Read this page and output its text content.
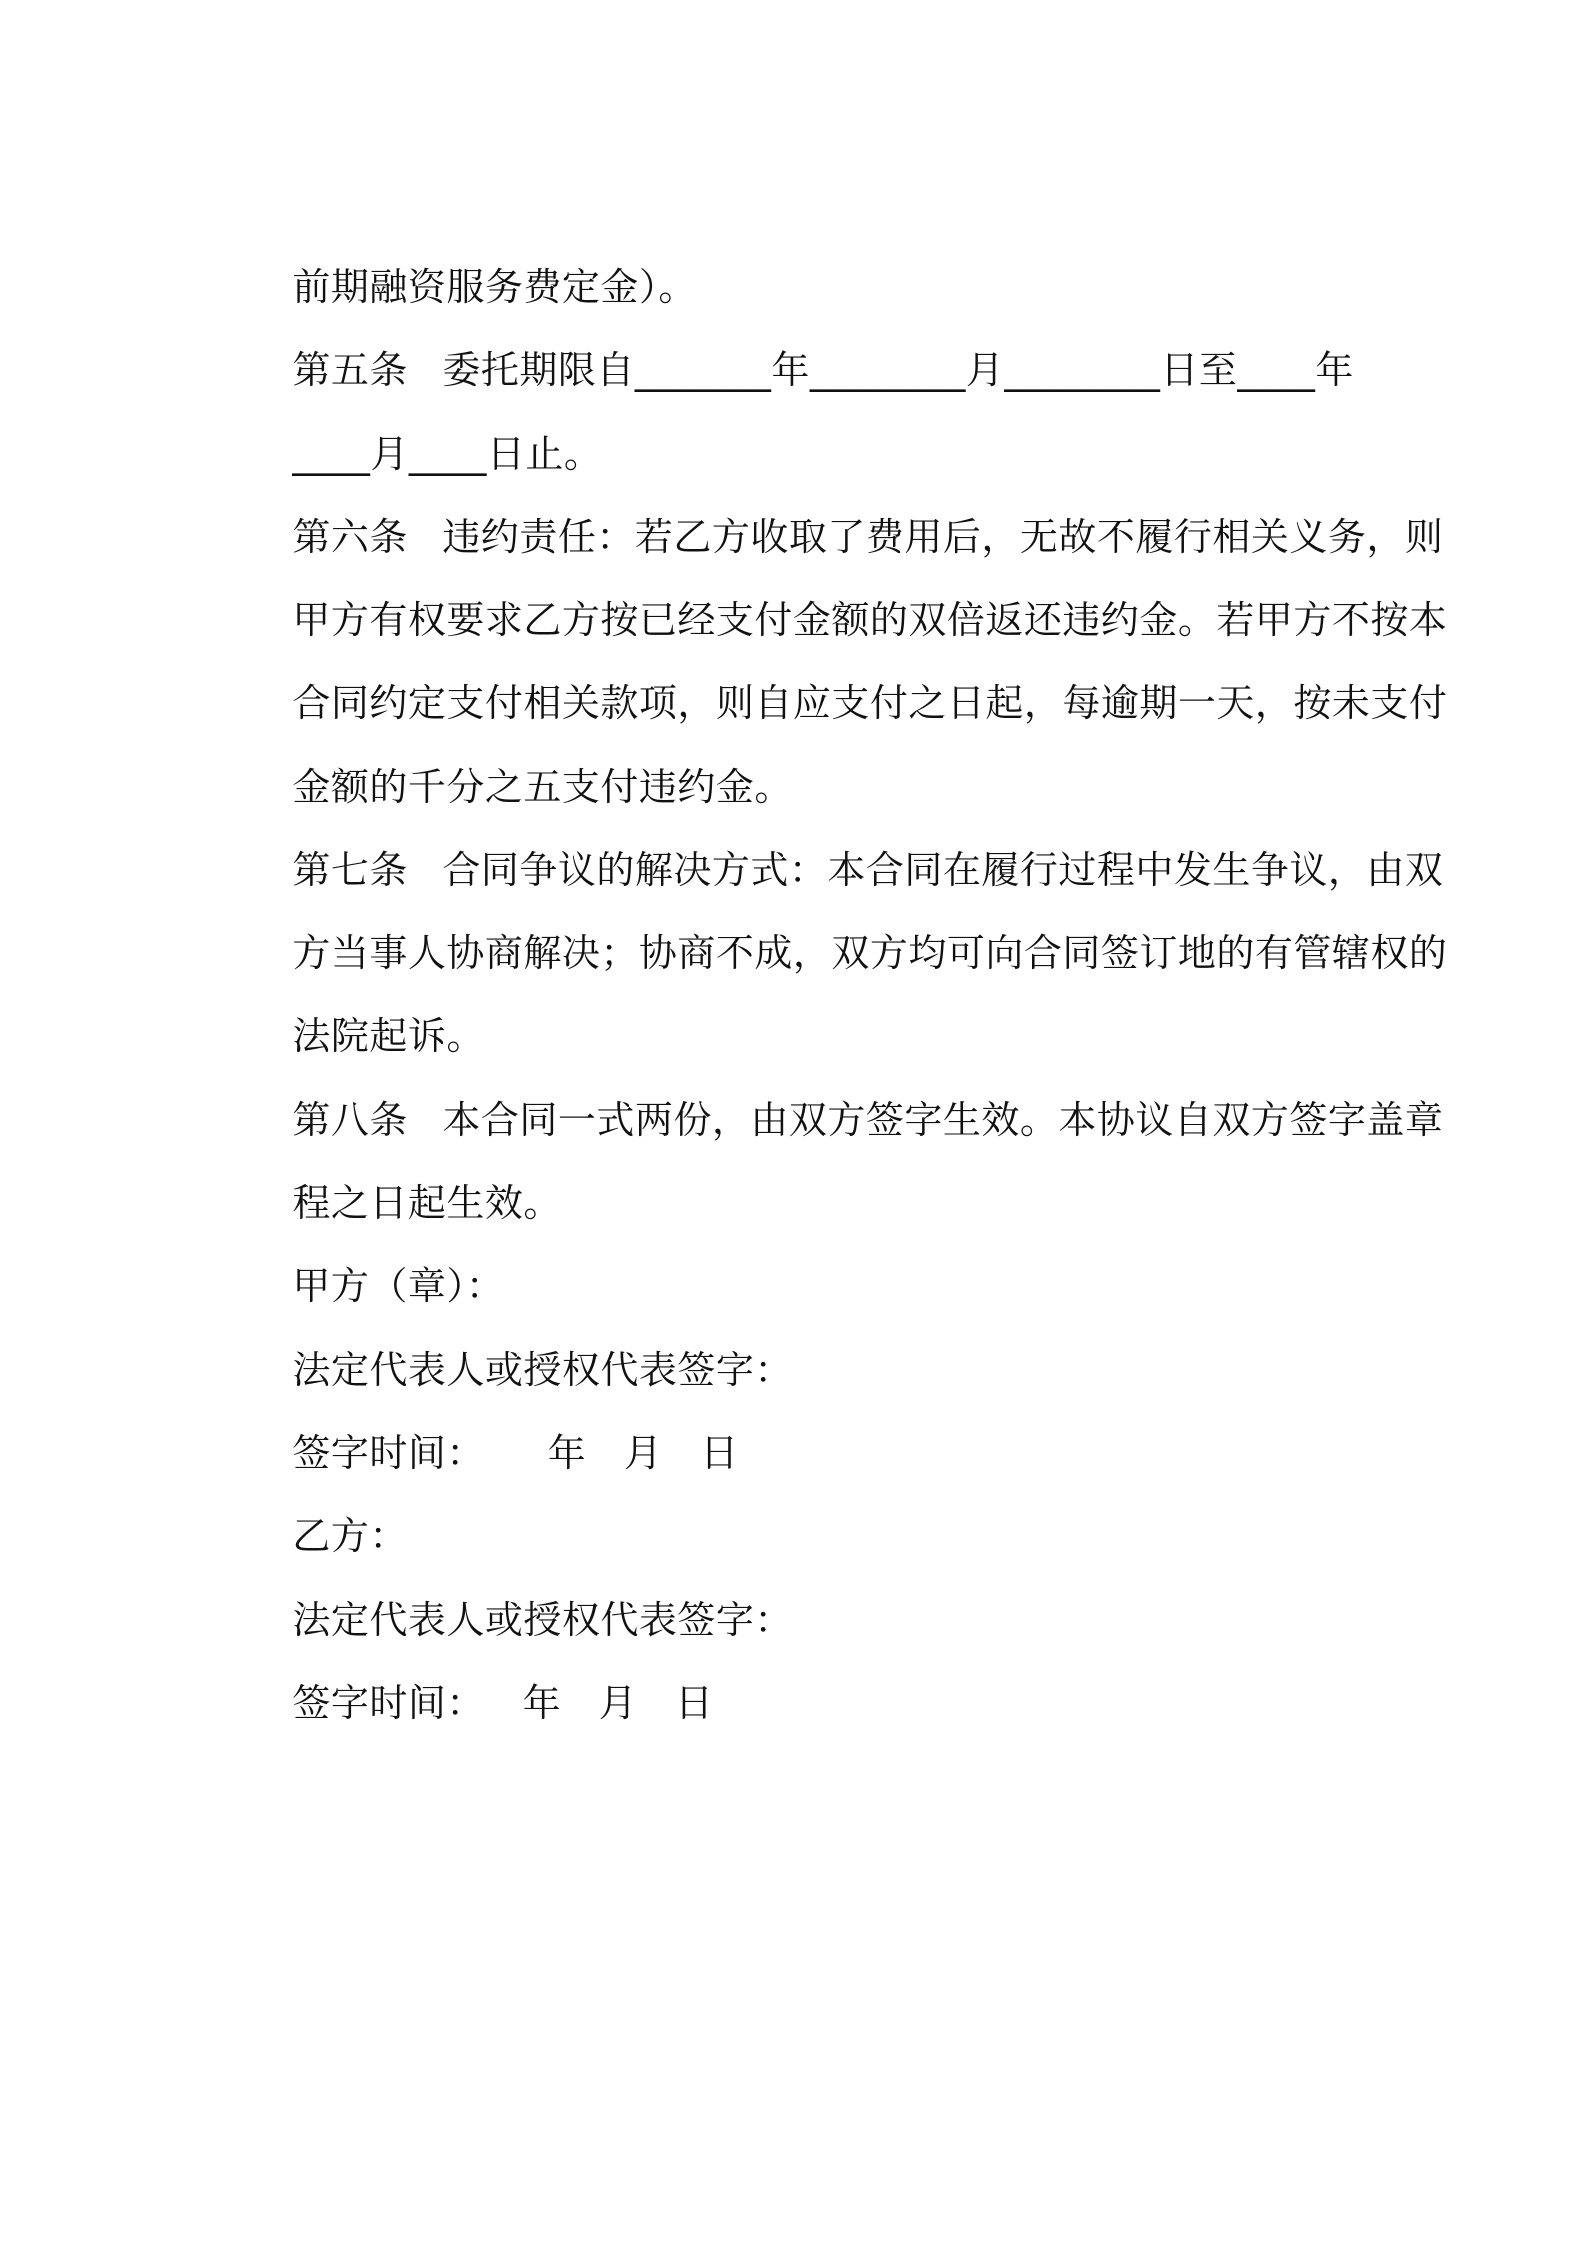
前期融资服务费定金）。

第五条 委托期限自_______年________月________日至____年

____月____日止。

第六条 违约责任：若乙方收取了费用后，无故不履行相关义务，则

甲方有权要求乙方按已经支付金额的双倍返还违约金。若甲方不按本

合同约定支付相关款项，则自应支付之日起，每逾期一天，按未支付

金额的千分之五支付违约金。

第七条 合同争议的解决方式：本合同在履行过程中发生争议，由双

方当事人协商解决；协商不成，双方均可向合同签订地的有管辖权的

法院起诉。

第八条 本合同一式两份，由双方签字生效。本协议自双方签字盖章

程之日起生效。

甲方（章）：

法定代表人或授权代表签字：

签字时间：     年   月   日

乙方：

法定代表人或授权代表签字：

签字时间：   年   月   日
